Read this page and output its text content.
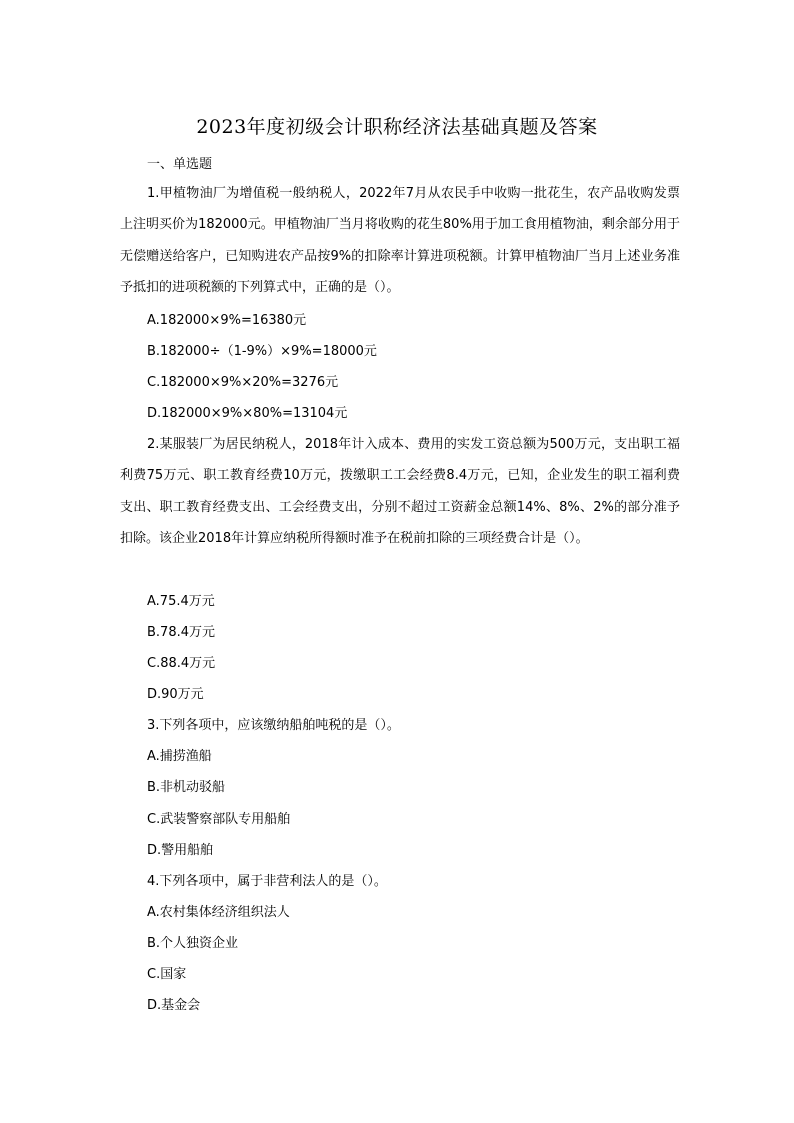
2023年度初级会计职称经济法基础真题及答案
一、单选题
1.甲植物油厂为增值税一般纳税人，2022年7月从农民手中收购一批花生，农产品收购发票上注明买价为182000元。甲植物油厂当月将收购的花生80%用于加工食用植物油，剩余部分用于无偿赠送给客户，已知购进农产品按9%的扣除率计算进项税额。计算甲植物油厂当月上述业务准予抵扣的进项税额的下列算式中，正确的是（）。
A.182000×9%=16380元
B.182000÷（1-9%）×9%=18000元
C.182000×9%×20%=3276元
D.182000×9%×80%=13104元
2.某服装厂为居民纳税人，2018年计入成本、费用的实发工资总额为500万元，支出职工福利费75万元、职工教育经费10万元，拨缴职工工会经费8.4万元，已知，企业发生的职工福利费支出、职工教育经费支出、工会经费支出，分别不超过工资薪金总额14%、8%、2%的部分准予扣除。该企业2018年计算应纳税所得额时准予在税前扣除的三项经费合计是（）。
A.75.4万元
B.78.4万元
C.88.4万元
D.90万元
3.下列各项中，应该缴纳船舶吨税的是（）。
A.捕捞渔船
B.非机动驳船
C.武装警察部队专用船舶
D.警用船舶
4.下列各项中，属于非营利法人的是（）。
A.农村集体经济组织法人
B.个人独资企业
C.国家
D.基金会
